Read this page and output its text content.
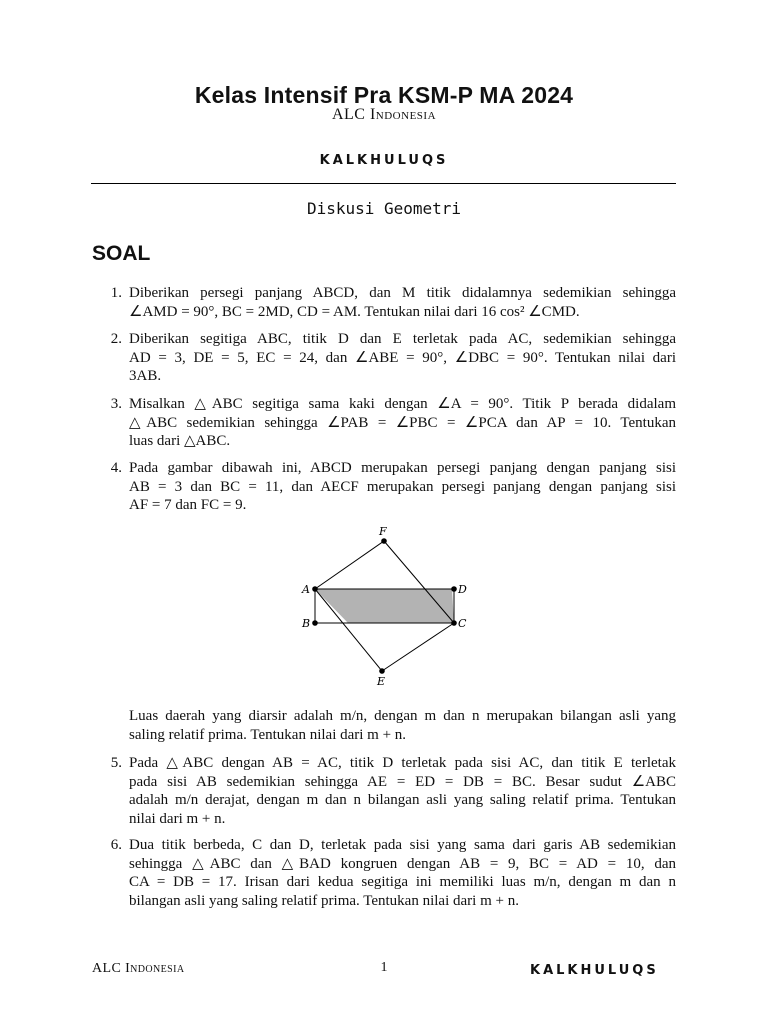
Kelas Intensif Pra KSM-P MA 2024
ALC Indonesia
KALKHULUQS
Diskusi Geometri
SOAL
1. Diberikan persegi panjang ABCD, dan M titik didalamnya sedemikian sehingga
∠AMD = 90°, BC = 2MD, CD = AM. Tentukan nilai dari 16 cos² ∠CMD.
2. Diberikan segitiga ABC, titik D dan E terletak pada AC, sedemikian sehingga
AD = 3, DE = 5, EC = 24, dan ∠ABE = 90°, ∠DBC = 90°. Tentukan nilai dari
3AB.
3. Misalkan △ABC segitiga sama kaki dengan ∠A = 90°. Titik P berada didalam
△ABC sedemikian sehingga ∠PAB = ∠PBC = ∠PCA dan AP = 10. Tentukan
luas dari △ABC.
4. Pada gambar dibawah ini, ABCD merupakan persegi panjang dengan panjang sisi
AB = 3 dan BC = 11, dan AECF merupakan persegi panjang dengan panjang sisi
AF = 7 dan FC = 9.
F
A	D
B	C
E
Luas daerah yang diarsir adalah m/n, dengan m dan n merupakan bilangan asli yang
saling relatif prima. Tentukan nilai dari m + n.
5. Pada △ABC dengan AB = AC, titik D terletak pada sisi AC, dan titik E terletak
pada sisi AB sedemikian sehingga AE = ED = DB = BC. Besar sudut ∠ABC
adalah m/n derajat, dengan m dan n bilangan asli yang saling relatif prima. Tentukan
nilai dari m + n.
6. Dua titik berbeda, C dan D, terletak pada sisi yang sama dari garis AB sedemikian
sehingga △ABC dan △BAD kongruen dengan AB = 9, BC = AD = 10, dan
CA = DB = 17. Irisan dari kedua segitiga ini memiliki luas m/n, dengan m dan n
bilangan asli yang saling relatif prima. Tentukan nilai dari m + n.
ALC Indonesia	1	KALKHULUQS
